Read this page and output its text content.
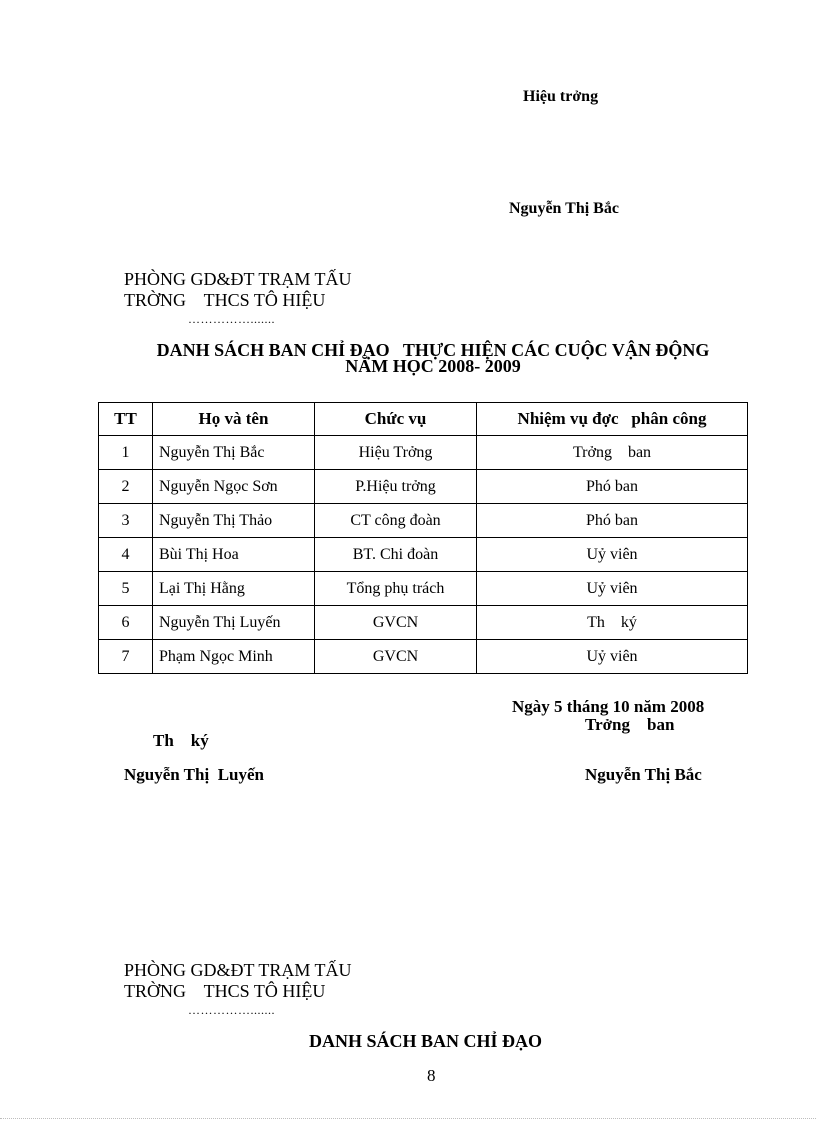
Hiệu trởng
Nguyễn Thị Bắc
PHÒNG GD&ĐT TRẠM TẤU
TRỜNG    THCS TÔ HIỆU
…………….......
DANH SÁCH BAN CHỈ ĐẠO   THỰC HIỆN CÁC CUỘC VẬN ĐỘNG
NĂM HỌC 2008- 2009
TT	Họ và tên	Chức vụ	Nhiệm vụ đợc   phân công
1	Nguyễn Thị Bắc	Hiệu Trởng	Trởng    ban
2	Nguyễn Ngọc Sơn	P.Hiệu trởng	Phó ban
3	Nguyễn Thị Thảo	CT công đoàn	Phó ban
4	Bùi Thị Hoa	BT. Chi đoàn	Uỷ viên
5	Lại Thị Hằng	Tổng phụ trách	Uỷ viên
6	Nguyễn Thị Luyến	GVCN	Th    ký
7	Phạm Ngọc Minh	GVCN	Uỷ viên
Ngày 5 tháng 10 năm 2008
Trởng    ban
Th    ký
Nguyễn Thị  Luyến	Nguyễn Thị Bắc
PHÒNG GD&ĐT TRẠM TẤU
TRỜNG    THCS TÔ HIỆU
…………….......
DANH SÁCH BAN CHỈ ĐẠO
8
